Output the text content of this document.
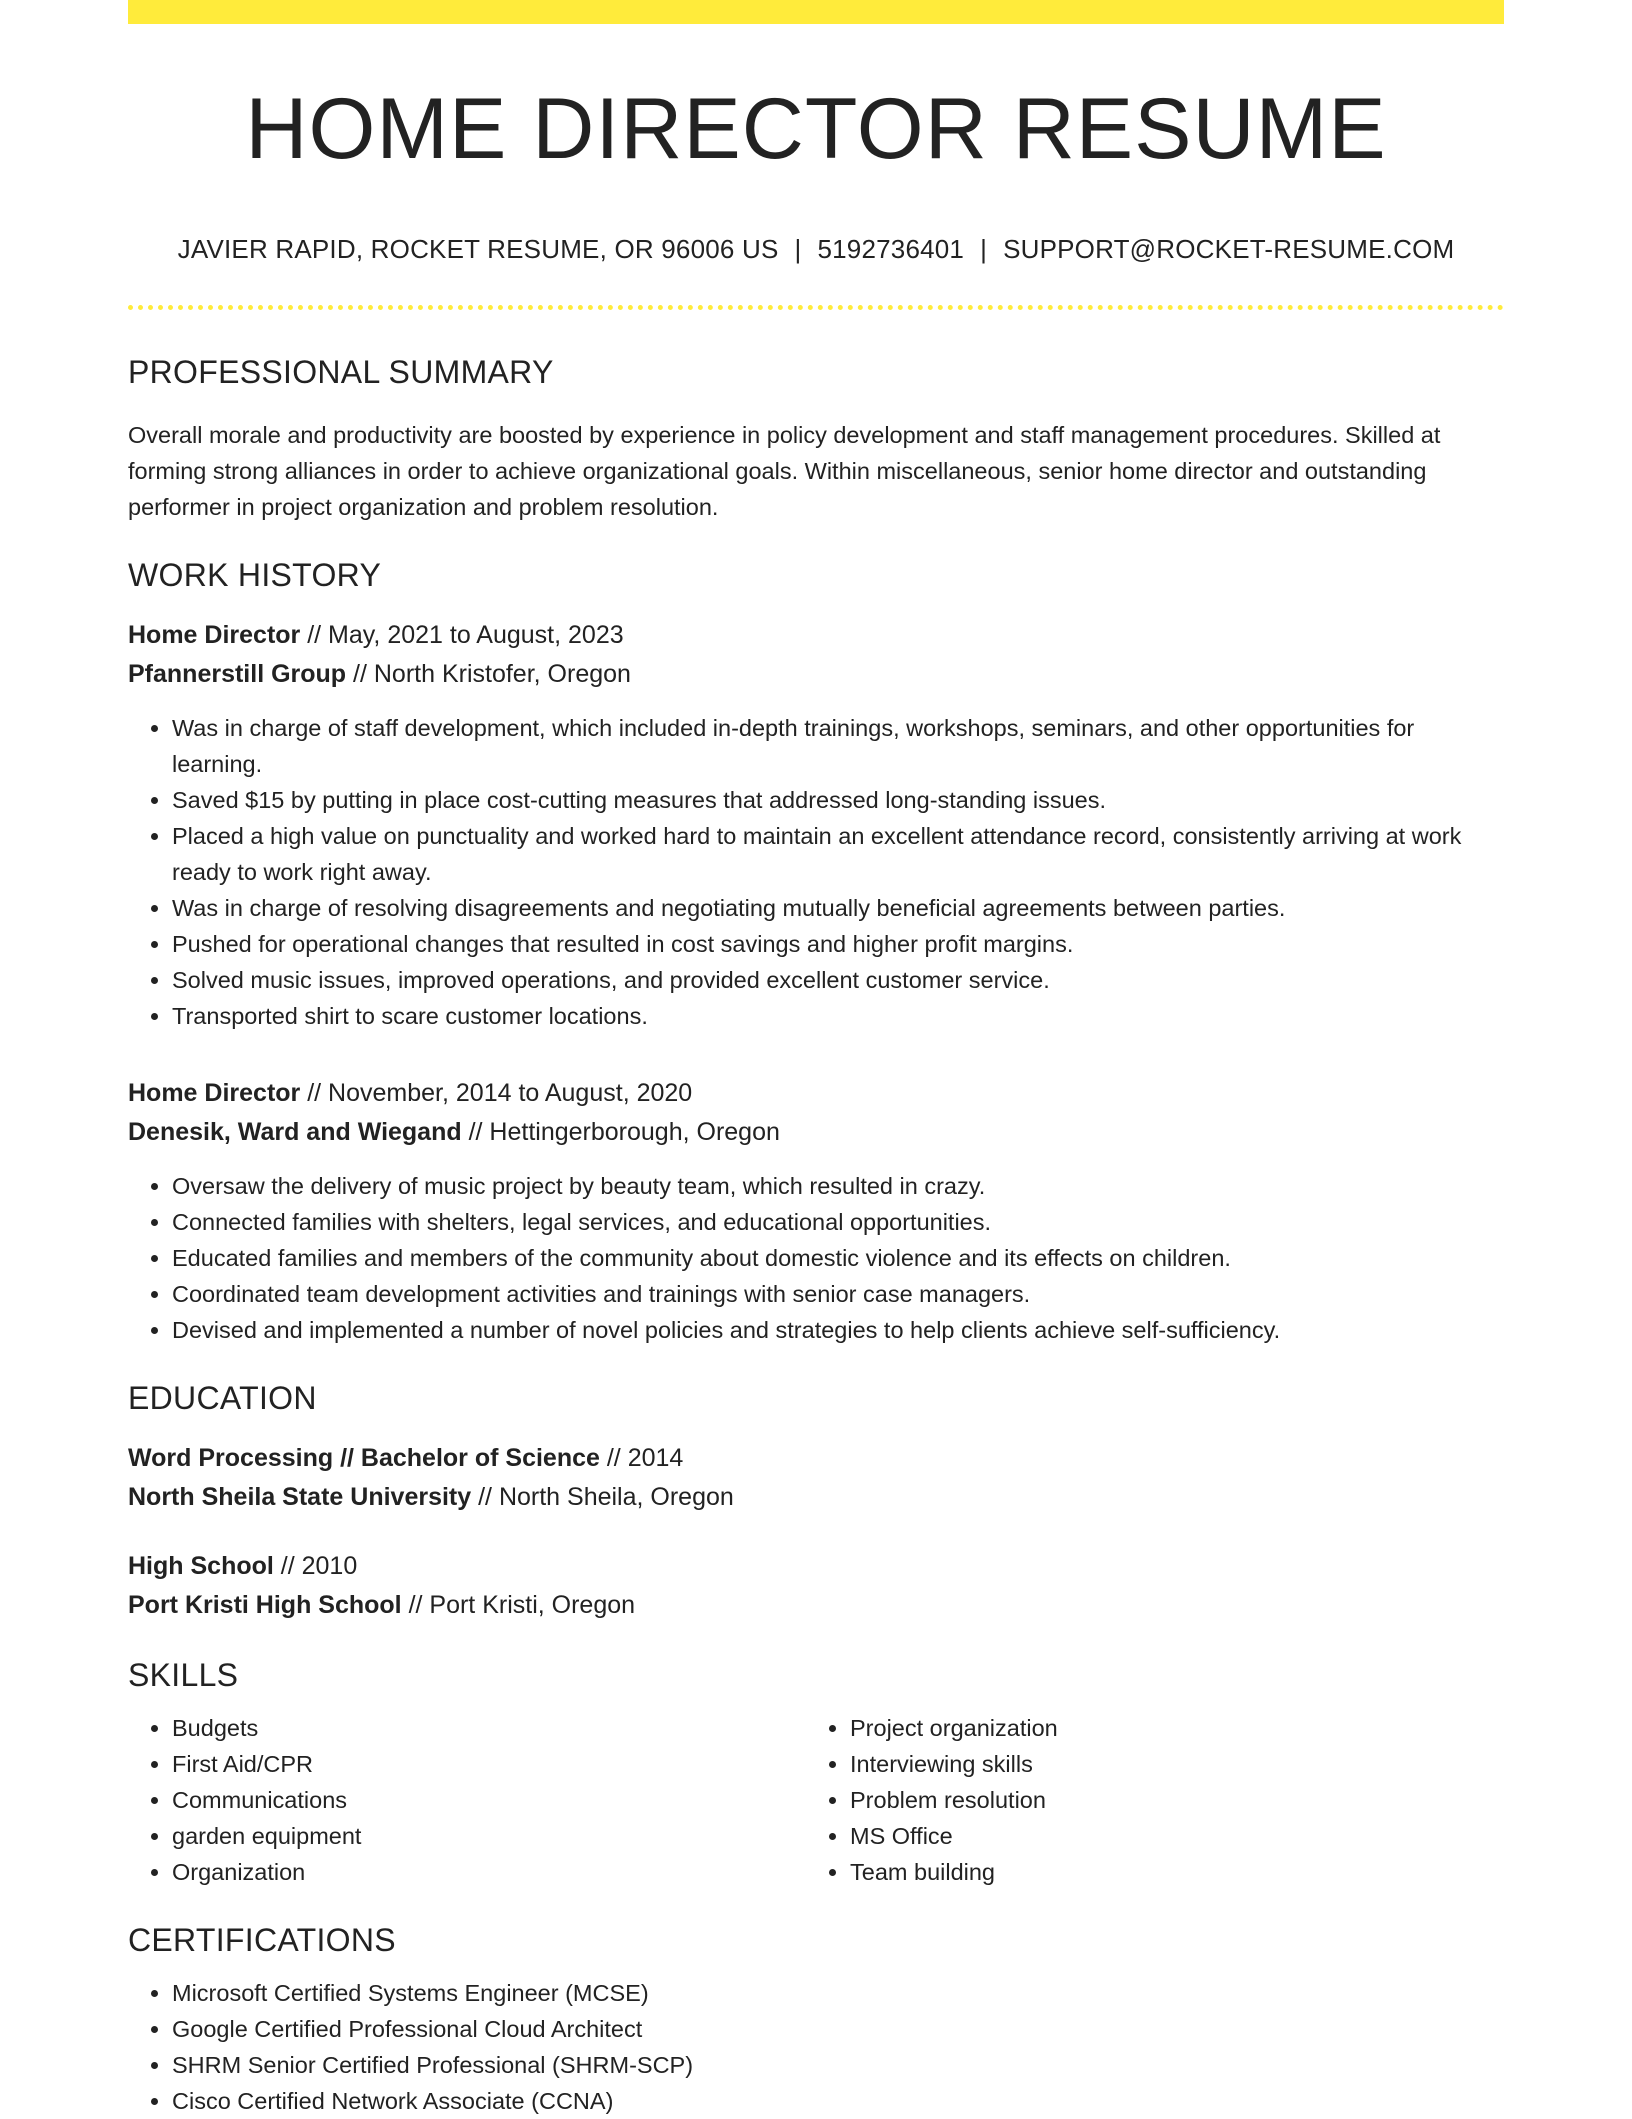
HOME DIRECTOR RESUME
JAVIER RAPID, ROCKET RESUME, OR 96006 US | 5192736401 | SUPPORT@ROCKET-RESUME.COM
PROFESSIONAL SUMMARY
Overall morale and productivity are boosted by experience in policy development and staff management procedures. Skilled at forming strong alliances in order to achieve organizational goals. Within miscellaneous, senior home director and outstanding performer in project organization and problem resolution.
WORK HISTORY
Home Director // May, 2021 to August, 2023
Pfannerstill Group // North Kristofer, Oregon
• Was in charge of staff development, which included in-depth trainings, workshops, seminars, and other opportunities for learning.
• Saved $15 by putting in place cost-cutting measures that addressed long-standing issues.
• Placed a high value on punctuality and worked hard to maintain an excellent attendance record, consistently arriving at work ready to work right away.
• Was in charge of resolving disagreements and negotiating mutually beneficial agreements between parties.
• Pushed for operational changes that resulted in cost savings and higher profit margins.
• Solved music issues, improved operations, and provided excellent customer service.
• Transported shirt to scare customer locations.
Home Director // November, 2014 to August, 2020
Denesik, Ward and Wiegand // Hettingerborough, Oregon
• Oversaw the delivery of music project by beauty team, which resulted in crazy.
• Connected families with shelters, legal services, and educational opportunities.
• Educated families and members of the community about domestic violence and its effects on children.
• Coordinated team development activities and trainings with senior case managers.
• Devised and implemented a number of novel policies and strategies to help clients achieve self-sufficiency.
EDUCATION
Word Processing // Bachelor of Science // 2014
North Sheila State University // North Sheila, Oregon
High School // 2010
Port Kristi High School // Port Kristi, Oregon
SKILLS
• Budgets
• First Aid/CPR
• Communications
• garden equipment
• Organization
• Project organization
• Interviewing skills
• Problem resolution
• MS Office
• Team building
CERTIFICATIONS
• Microsoft Certified Systems Engineer (MCSE)
• Google Certified Professional Cloud Architect
• SHRM Senior Certified Professional (SHRM-SCP)
• Cisco Certified Network Associate (CCNA)
